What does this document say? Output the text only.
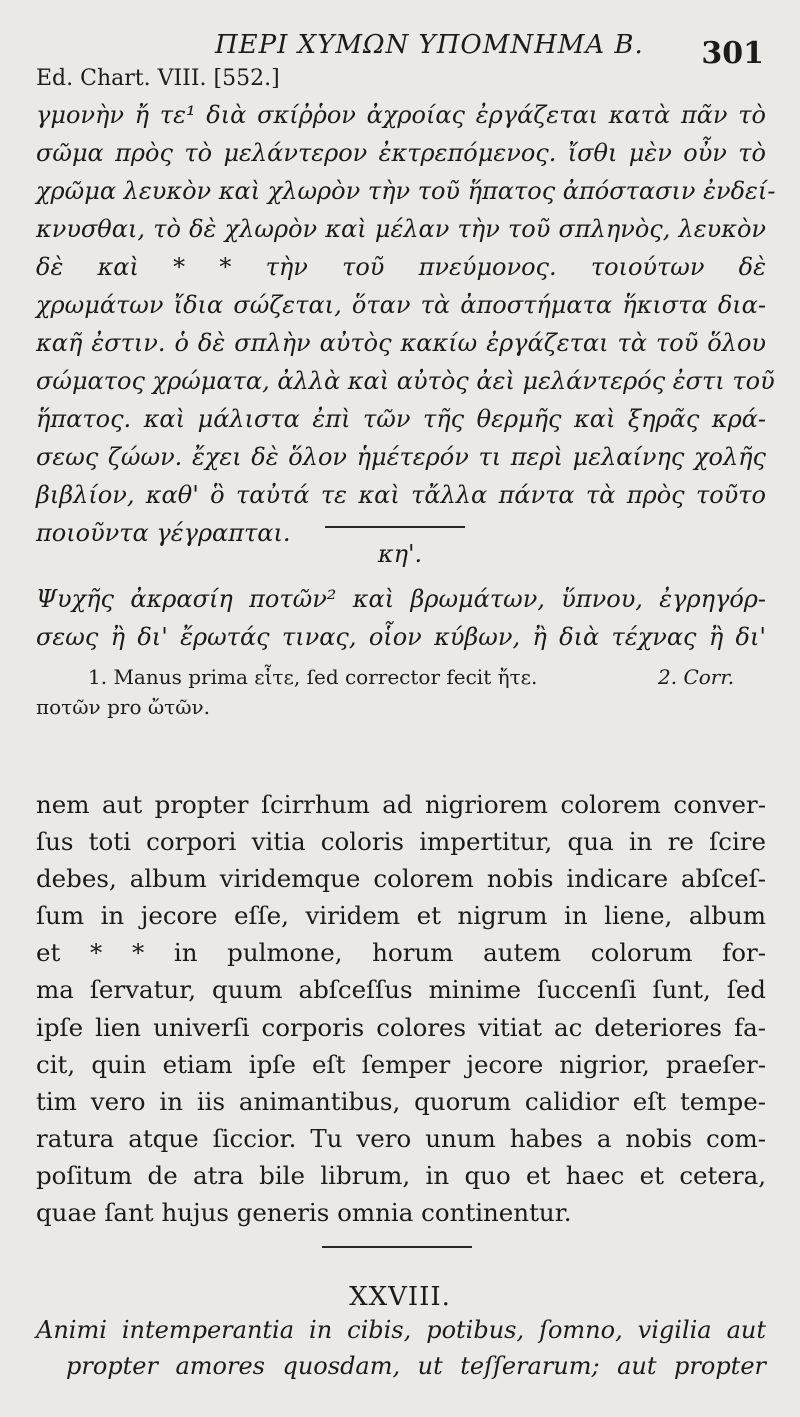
ΠΕΡΙ ΧΥΜΩΝ ΥΠΟΜΝΗΜΑ Β. 301
Ed. Chart. VIII. [552.]
γμονὴν ἤ τε¹ διὰ σκίῤῥον ἀχροίας ἐργάζεται κατὰ πᾶν τὸ
σῶμα πρὸς τὸ μελάντερον ἐκτρεπόμενος. ἴσθι μὲν οὖν τὸ
χρῶμα λευκὸν καὶ χλωρὸν τὴν τοῦ ἥπατος ἀπόστασιν ἐνδεί-
κνυσθαι, τὸ δὲ χλωρὸν καὶ μέλαν τὴν τοῦ σπληνὸς, λευκὸν
δὲ καὶ * * τὴν τοῦ πνεύμονος. τοιούτων δὲ
χρωμάτων ἴδια σώζεται, ὅταν τὰ ἀποστήματα ἥκιστα δια-
καῆ ἐστιν. ὁ δὲ σπλὴν αὐτὸς κακίω ἐργάζεται τὰ τοῦ ὅλου
σώματος χρώματα, ἀλλὰ καὶ αὐτὸς ἀεὶ μελάντερός ἐστι τοῦ
ἥπατος. καὶ μάλιστα ἐπὶ τῶν τῆς θερμῆς καὶ ξηρᾶς κρά-
σεως ζώων. ἔχει δὲ ὅλον ἡμέτερόν τι περὶ μελαίνης χολῆς
βιβλίον, καθ' ὃ ταὐτά τε καὶ τἄλλα πάντα τὰ πρὸς τοῦτο
ποιοῦντα γέγραπται.
κη'.
Ψυχῆς ἀκρασίη ποτῶν² καὶ βρωμάτων, ὕπνου, ἐγρηγόρ-
σεως ἢ δι' ἔρωτάς τινας, οἷον κύβων, ἢ διὰ τέχνας ἢ δι'
1. Manus prima εἶτε, ſed corrector fecit ἤτε.	2. Corr.
ποτῶν pro ὤτῶν.
nem aut propter ſcirrhum ad nigriorem colorem conver-
ſus toti corpori vitia coloris impertitur, qua in re ſcire
debes, album viridemque colorem nobis indicare abſceſ-
ſum in jecore eſſe, viridem et nigrum in liene, album
et * * in pulmone, horum autem colorum for-
ma ſervatur, quum abſceſſus minime ſuccenſi ſunt, ſed
ipſe lien univerſi corporis colores vitiat ac deteriores fa-
cit, quin etiam ipſe eſt ſemper jecore nigrior, praeſer-
tim vero in iis animantibus, quorum calidior eſt tempe-
ratura atque ſiccior. Tu vero unum habes a nobis com-
poſitum de atra bile librum, in quo et haec et cetera,
quae ſant hujus generis omnia continentur.
XXVIII.
Animi intemperantia in cibis, potibus, ſomno, vigilia aut
propter amores quosdam, ut teſſerarum; aut propter
